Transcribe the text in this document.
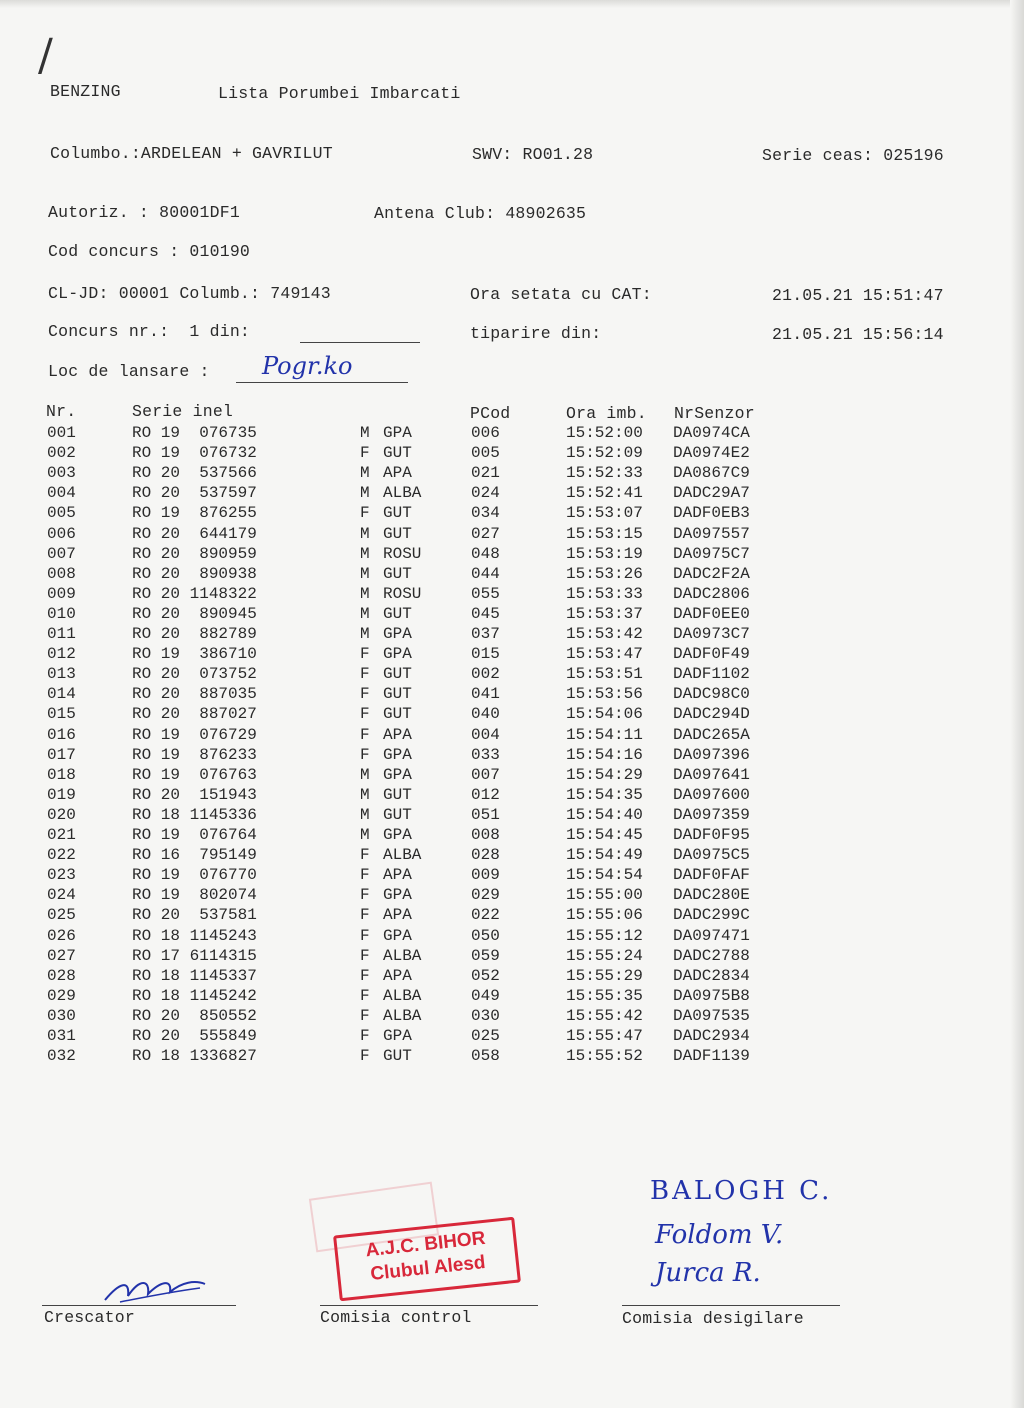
/
BENZING	Lista Porumbei Imbarcati
Columbo.:ARDELEAN + GAVRILUT	SWV: RO01.28	Serie ceas: 025196
Autoriz. : 80001DF1	Antena Club: 48902635
Cod concurs : 010190
CL-JD: 00001 Columb.: 749143	Ora setata cu CAT:	21.05.21 15:51:47
Concurs nr.:  1 din:	tiparire din:	21.05.21 15:56:14
Loc de lansare : Pogr.ko
Nr.	Serie inel	PCod	Ora imb. NrSenzor
001	RO 19  076735	M GPA	006	15:52:00 DA0974CA
002	RO 19  076732	F GUT	005	15:52:09 DA0974E2
003	RO 20  537566	M APA	021	15:52:33 DA0867C9
004	RO 20  537597	M ALBA	024	15:52:41 DADC29A7
005	RO 19  876255	F GUT	034	15:53:07 DADF0EB3
006	RO 20  644179	M GUT	027	15:53:15 DA097557
007	RO 20  890959	M ROSU	048	15:53:19 DA0975C7
008	RO 20  890938	M GUT	044	15:53:26 DADC2F2A
009	RO 20 1148322	M ROSU	055	15:53:33 DADC2806
010	RO 20  890945	M GUT	045	15:53:37 DADF0EE0
011	RO 20  882789	M GPA	037	15:53:42 DA0973C7
012	RO 19  386710	F GPA	015	15:53:47 DADF0F49
013	RO 20  073752	F GUT	002	15:53:51 DADF1102
014	RO 20  887035	F GUT	041	15:53:56 DADC98C0
015	RO 20  887027	F GUT	040	15:54:06 DADC294D
016	RO 19  076729	F APA	004	15:54:11 DADC265A
017	RO 19  876233	F GPA	033	15:54:16 DA097396
018	RO 19  076763	M GPA	007	15:54:29 DA097641
019	RO 20  151943	M GUT	012	15:54:35 DA097600
020	RO 18 1145336	M GUT	051	15:54:40 DA097359
021	RO 19  076764	M GPA	008	15:54:45 DADF0F95
022	RO 16  795149	F ALBA	028	15:54:49 DA0975C5
023	RO 19  076770	F APA	009	15:54:54 DADF0FAF
024	RO 19  802074	F GPA	029	15:55:00 DADC280E
025	RO 20  537581	F APA	022	15:55:06 DADC299C
026	RO 18 1145243	F GPA	050	15:55:12 DA097471
027	RO 17 6114315	F ALBA	059	15:55:24 DADC2788
028	RO 18 1145337	F APA	052	15:55:29 DADC2834
029	RO 18 1145242	F ALBA	049	15:55:35 DA0975B8
030	RO 20  850552	F ALBA	030	15:55:42 DA097535
031	RO 20  555849	F GPA	025	15:55:47 DADC2934
032	RO 18 1336827	F GUT	058	15:55:52 DADF1139
A.J.C. BIHOR
Clubul Alesd
BALOGH C.
Foldom V.
Jurca R.
Crescator	Comisia control	Comisia desigilare
